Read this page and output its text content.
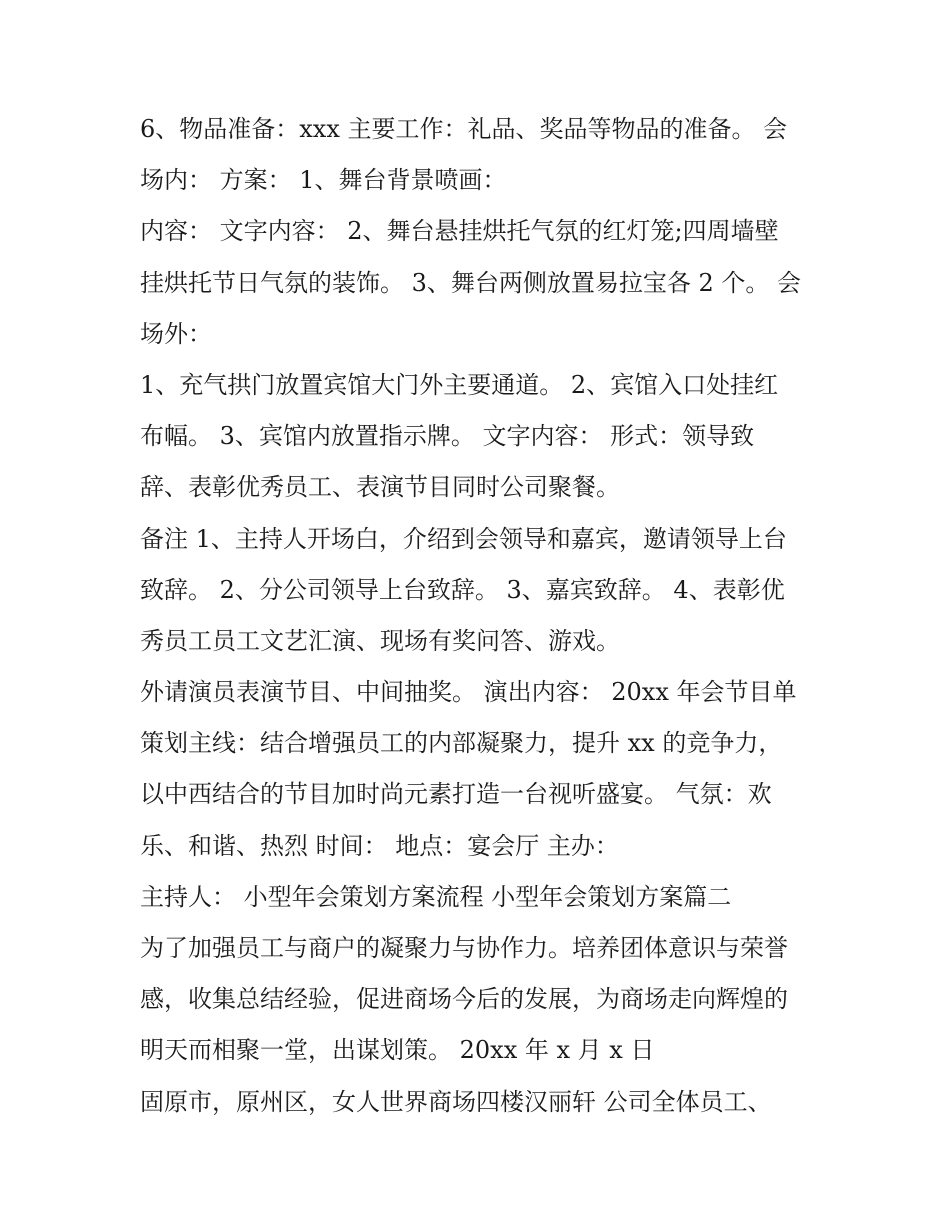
6、物品准备：xxx 主要工作：礼品、奖品等物品的准备。 会
场内： 方案： 1、舞台背景喷画：
内容： 文字内容： 2、舞台悬挂烘托气氛的红灯笼;四周墙壁
挂烘托节日气氛的装饰。 3、舞台两侧放置易拉宝各 2 个。 会
场外：
1、充气拱门放置宾馆大门外主要通道。 2、宾馆入口处挂红
布幅。 3、宾馆内放置指示牌。 文字内容： 形式：领导致
辞、表彰优秀员工、表演节目同时公司聚餐。
备注 1、主持人开场白，介绍到会领导和嘉宾，邀请领导上台
致辞。 2、分公司领导上台致辞。 3、嘉宾致辞。 4、表彰优
秀员工员工文艺汇演、现场有奖问答、游戏。
外请演员表演节目、中间抽奖。 演出内容： 20xx 年会节目单
策划主线：结合增强员工的内部凝聚力，提升 xx 的竞争力，
以中西结合的节目加时尚元素打造一台视听盛宴。 气氛：欢
乐、和谐、热烈 时间： 地点：宴会厅 主办：
主持人： 小型年会策划方案流程 小型年会策划方案篇二
为了加强员工与商户的凝聚力与协作力。培养团体意识与荣誉
感，收集总结经验，促进商场今后的发展，为商场走向辉煌的
明天而相聚一堂，出谋划策。 20xx 年 x 月 x 日
固原市，原州区，女人世界商场四楼汉丽轩 公司全体员工、
